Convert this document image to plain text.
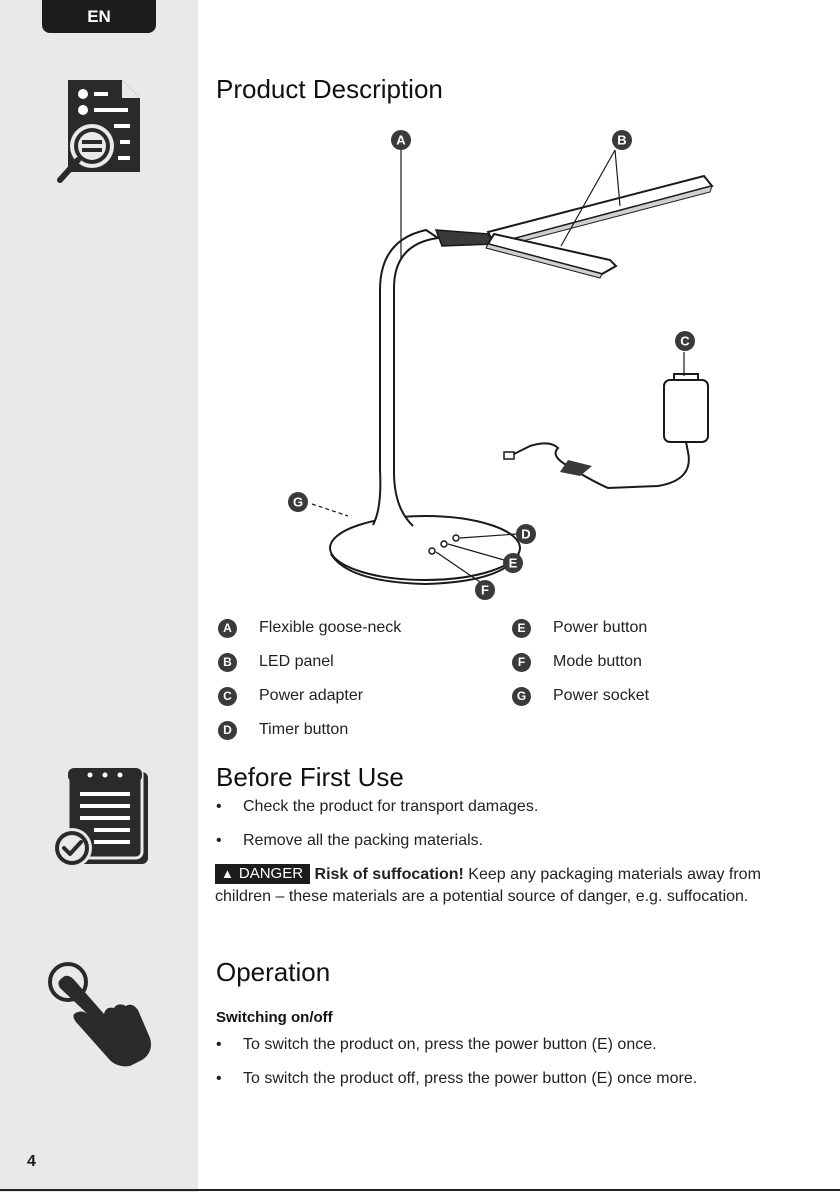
EN
4
Product Description
A	B
C
D
E
F
G
A	Flexible goose-neck
B	LED panel
C	Power adapter
D	Timer button
E	Power button
F	Mode button
G	Power socket
Before First Use
•	Check the product for transport damages.
•	Remove all the packing materials.

▲ DANGER Risk of suffocation! Keep any packaging materials away from children – these materials are a potential source of danger, e.g. suffocation.

Operation
Switching on/off
•	To switch the product on, press the power button (E) once.
•	To switch the product off, press the power button (E) once more.
